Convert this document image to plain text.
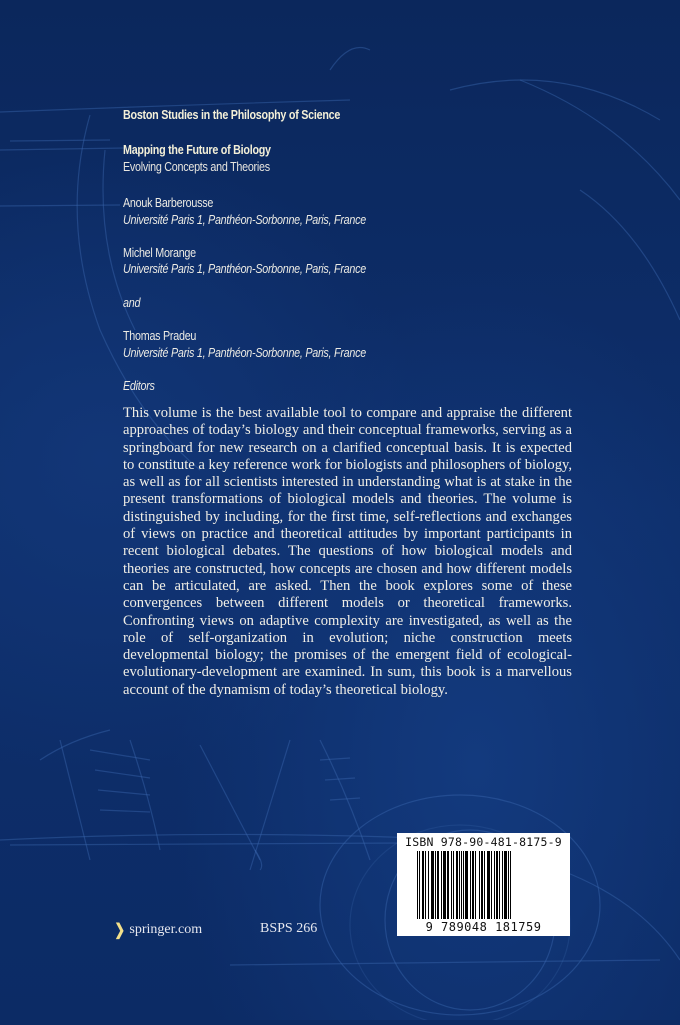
Boston Studies in the Philosophy of Science
Mapping the Future of Biology
Evolving Concepts and Theories
Anouk Barberousse
Université Paris 1, Panthéon-Sorbonne, Paris, France
Michel Morange
Université Paris 1, Panthéon-Sorbonne, Paris, France
and
Thomas Pradeu
Université Paris 1, Panthéon-Sorbonne, Paris, France
Editors

This volume is the best available tool to compare and appraise the different approaches of today’s biology and their conceptual frameworks, serving as a springboard for new research on a clarified conceptual basis. It is expected to constitute a key reference work for biologists and philosophers of biology, as well as for all scientists interested in understanding what is at stake in the present transformations of biological models and theories. The volume is distinguished by including, for the first time, self-reflections and exchanges of views on practice and theoretical attitudes by important participants in recent biological debates. The questions of how biological models and theories are constructed, how concepts are chosen and how different models can be articulated, are asked. Then the book explores some of these convergences between different models or theoretical frameworks. Confronting views on adaptive complexity are investigated, as well as the role of self-organization in evolution; niche construction meets developmental biology; the promises of the emergent field of ecological-evolutionary-development are examined. In sum, this book is a marvellous account of the dynamism of today’s theoretical biology.

❯ springer.com	BSPS 266
ISBN 978-90-481-8175-9
9 789048 181759
